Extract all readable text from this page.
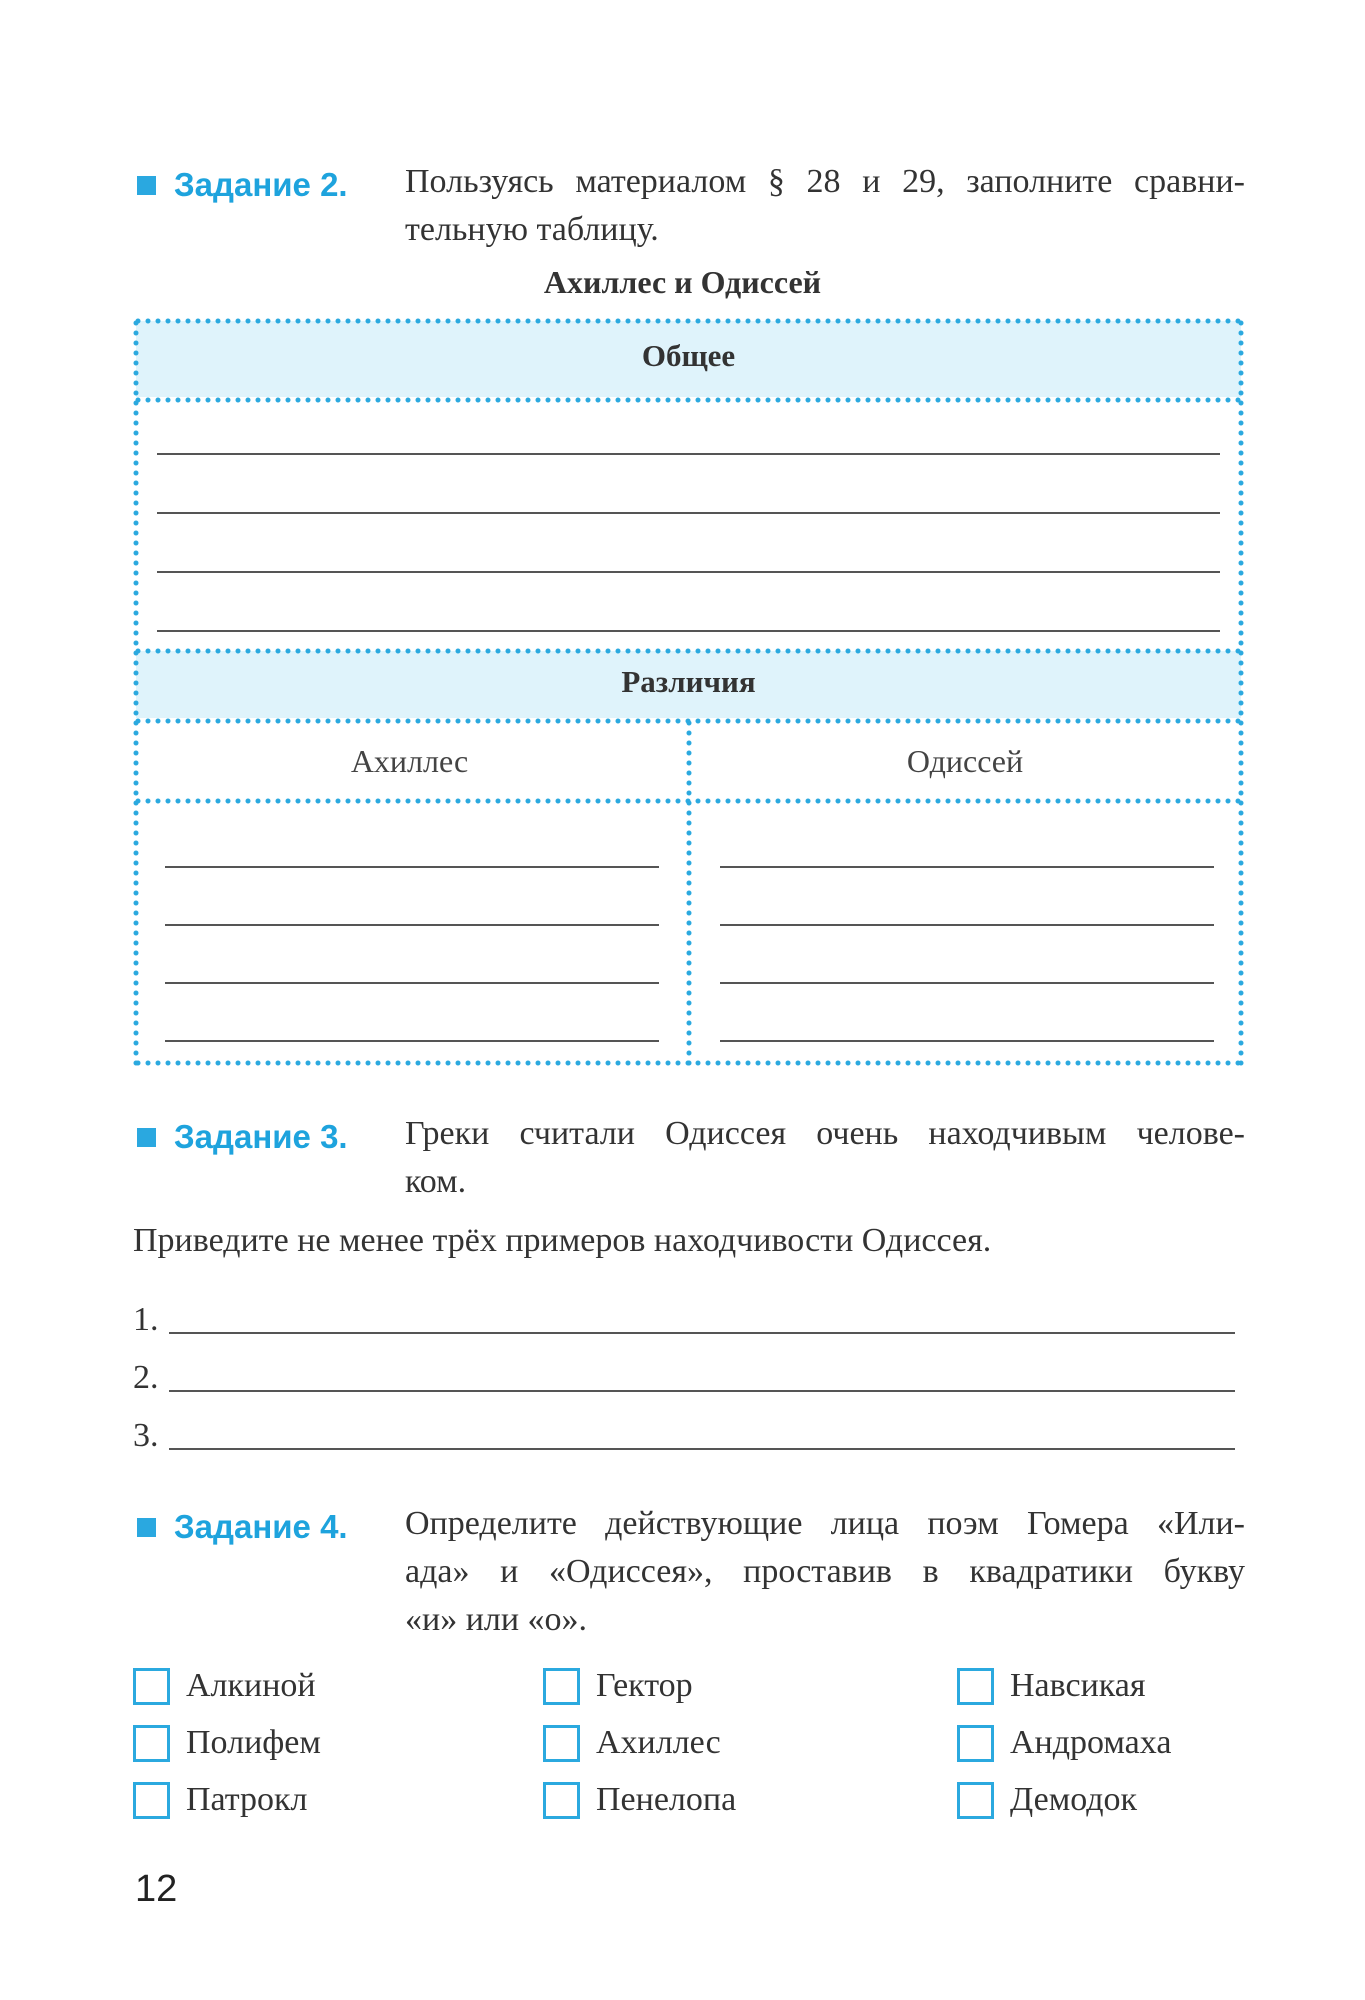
Задание 2. Пользуясь материалом § 28 и 29, заполните сравни-
тельную таблицу.
Ахиллес и Одиссей
Общее
Различия
Ахиллес	Одиссей
Задание 3. Греки считали Одиссея очень находчивым челове-
ком.
Приведите не менее трёх примеров находчивости Одиссея.
1.
2.
3.
Задание 4. Определите действующие лица поэм Гомера «Или-
ада» и «Одиссея», проставив в квадратики букву
«и» или «о».
Алкиной	Гектор	Навсикая
Полифем	Ахиллес	Андромаха
Патрокл	Пенелопа	Демодок
12
